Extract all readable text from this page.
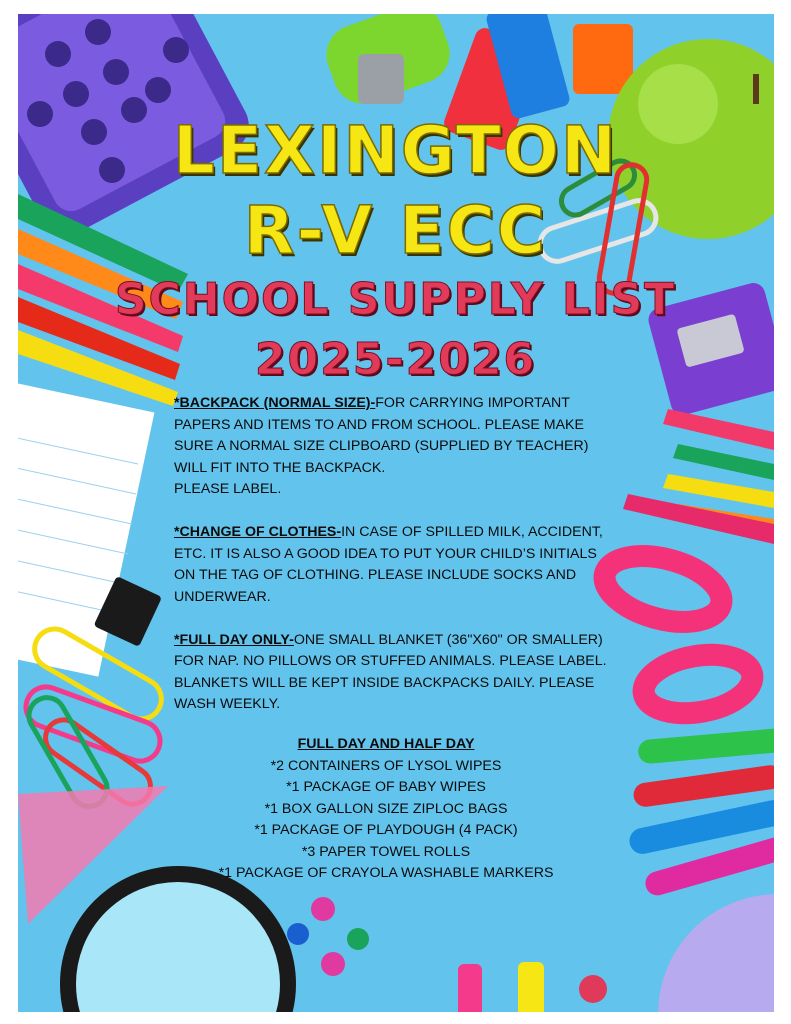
LEXINGTON
R-V ECC
SCHOOL SUPPLY LIST
2025-2026

*BACKPACK (NORMAL SIZE)-FOR CARRYING IMPORTANT PAPERS AND ITEMS TO AND FROM SCHOOL. PLEASE MAKE SURE A NORMAL SIZE CLIPBOARD (SUPPLIED BY TEACHER) WILL FIT INTO THE BACKPACK.
PLEASE LABEL.

*CHANGE OF CLOTHES-IN CASE OF SPILLED MILK, ACCIDENT, ETC. IT IS ALSO A GOOD IDEA TO PUT YOUR CHILD’S INITIALS ON THE TAG OF CLOTHING. PLEASE INCLUDE SOCKS AND UNDERWEAR.

*FULL DAY ONLY-ONE SMALL BLANKET (36"X60" OR SMALLER) FOR NAP. NO PILLOWS OR STUFFED ANIMALS. PLEASE LABEL. BLANKETS WILL BE KEPT INSIDE BACKPACKS DAILY. PLEASE WASH WEEKLY.

FULL DAY AND HALF DAY
*2 CONTAINERS OF LYSOL WIPES
*1 PACKAGE OF BABY WIPES
*1 BOX GALLON SIZE ZIPLOC BAGS
*1 PACKAGE OF PLAYDOUGH (4 PACK)
*3 PAPER TOWEL ROLLS
*1 PACKAGE OF CRAYOLA WASHABLE MARKERS
